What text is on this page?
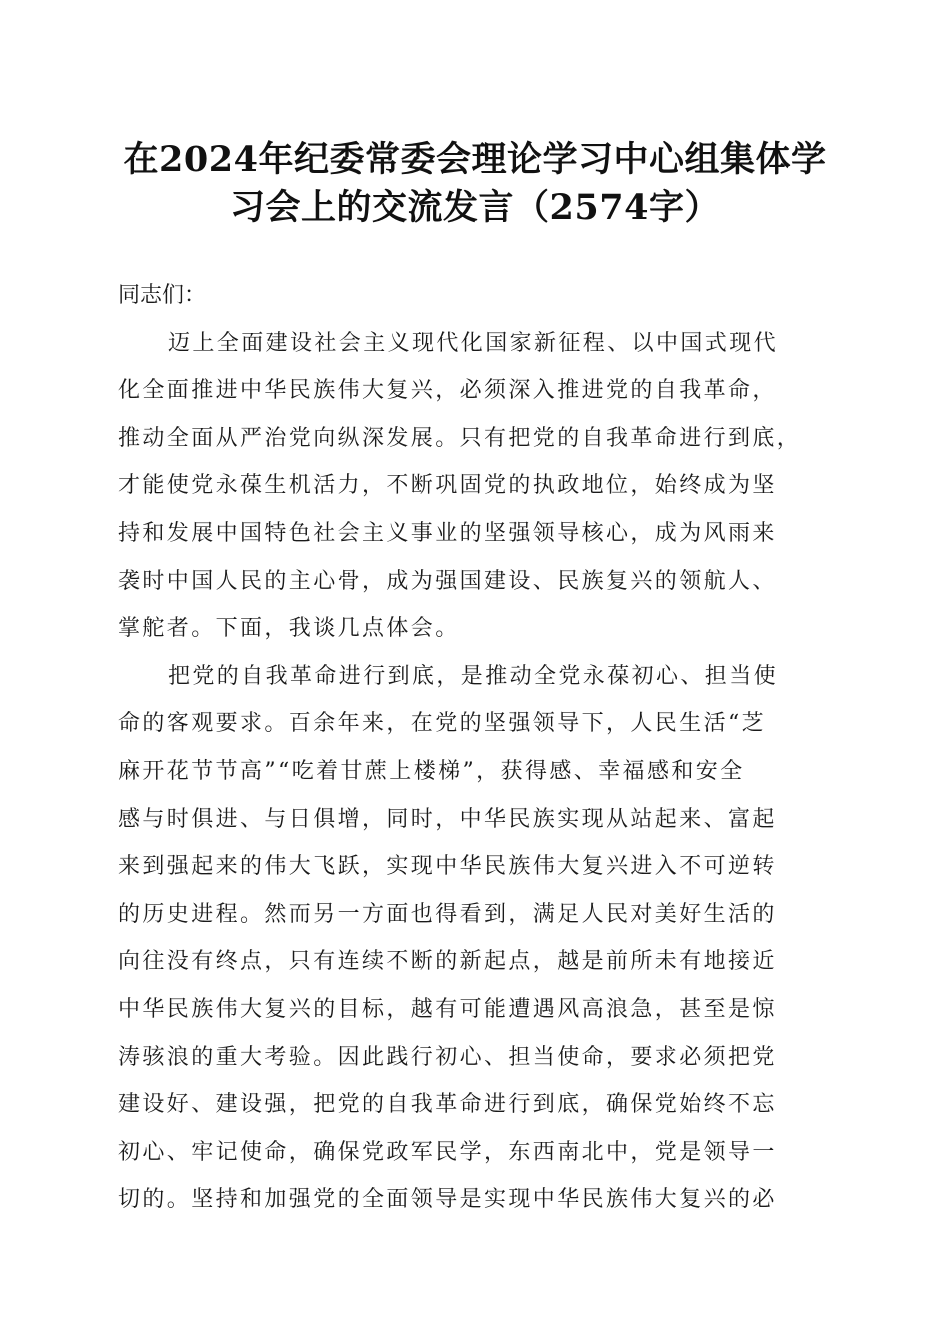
在2024年纪委常委会理论学习中心组集体学
习会上的交流发言（2574字）

同志们：

迈上全面建设社会主义现代化国家新征程、以中国式现代
化全面推进中华民族伟大复兴，必须深入推进党的自我革命，
推动全面从严治党向纵深发展。只有把党的自我革命进行到底，
才能使党永葆生机活力，不断巩固党的执政地位，始终成为坚
持和发展中国特色社会主义事业的坚强领导核心，成为风雨来
袭时中国人民的主心骨，成为强国建设、民族复兴的领航人、
掌舵者。下面，我谈几点体会。
把党的自我革命进行到底，是推动全党永葆初心、担当使
命的客观要求。百余年来，在党的坚强领导下，人民生活“芝
麻开花节节高”“吃着甘蔗上楼梯”，获得感、幸福感和安全
感与时俱进、与日俱增，同时，中华民族实现从站起来、富起
来到强起来的伟大飞跃，实现中华民族伟大复兴进入不可逆转
的历史进程。然而另一方面也得看到，满足人民对美好生活的
向往没有终点，只有连续不断的新起点，越是前所未有地接近
中华民族伟大复兴的目标，越有可能遭遇风高浪急，甚至是惊
涛骇浪的重大考验。因此践行初心、担当使命，要求必须把党
建设好、建设强，把党的自我革命进行到底，确保党始终不忘
初心、牢记使命，确保党政军民学，东西南北中，党是领导一
切的。坚持和加强党的全面领导是实现中华民族伟大复兴的必
